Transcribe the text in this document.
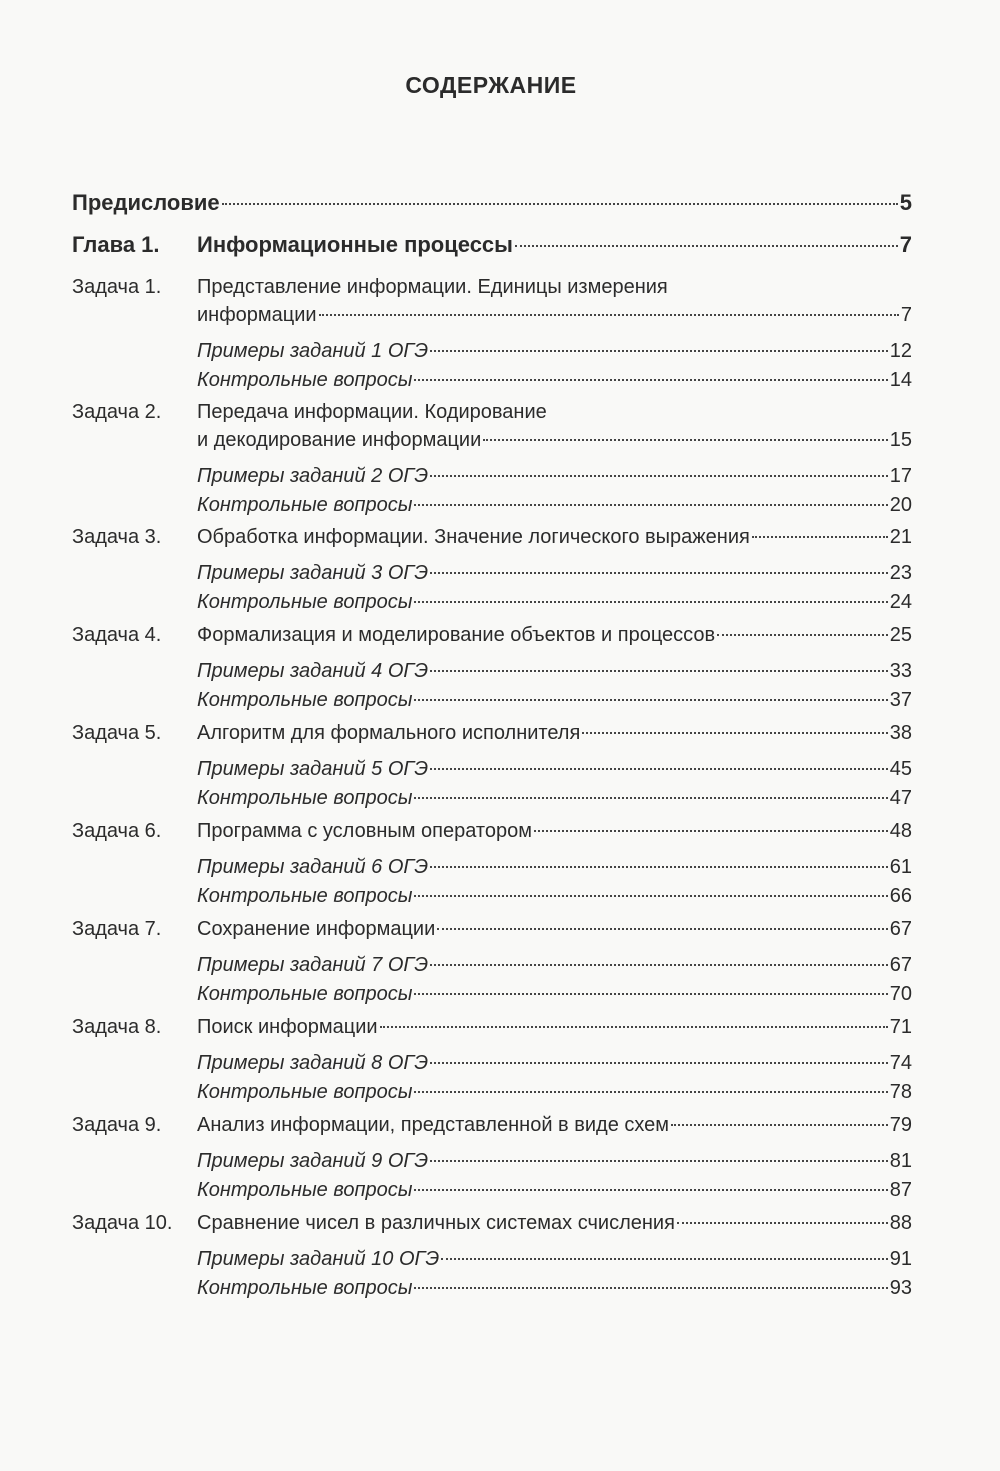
СОДЕРЖАНИЕ
Предисловие	5
Глава 1.	Информационные процессы	7
Задача 1. Представление информации. Единицы измерения
информации	7
Примеры заданий 1 ОГЭ	12
Контрольные вопросы	14
Задача 2. Передача информации. Кодирование
и декодирование информации	15
Примеры заданий 2 ОГЭ	17
Контрольные вопросы	20
Задача 3.	Обработка информации. Значение логического выражения	21
Примеры заданий 3 ОГЭ	23
Контрольные вопросы	24
Задача 4.	Формализация и моделирование объектов и процессов	25
Примеры заданий 4 ОГЭ	33
Контрольные вопросы	37
Задача 5.	Алгоритм для формального исполнителя	38
Примеры заданий 5 ОГЭ	45
Контрольные вопросы	47
Задача 6.	Программа с условным оператором	48
Примеры заданий 6 ОГЭ	61
Контрольные вопросы	66
Задача 7.	Сохранение информации	67
Примеры заданий 7 ОГЭ	67
Контрольные вопросы	70
Задача 8.	Поиск информации	71
Примеры заданий 8 ОГЭ	74
Контрольные вопросы	78
Задача 9.	Анализ информации, представленной в виде схем	79
Примеры заданий 9 ОГЭ	81
Контрольные вопросы	87
Задача 10.	Сравнение чисел в различных системах счисления	88
Примеры заданий 10 ОГЭ	91
Контрольные вопросы	93
